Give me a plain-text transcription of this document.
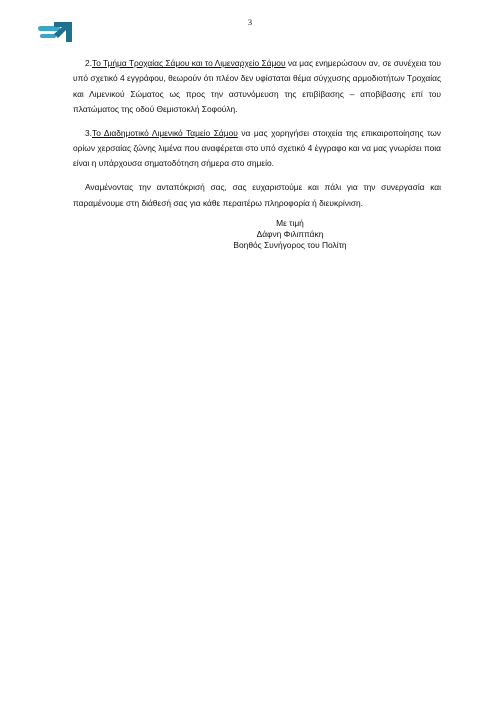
3

2.Το Τμήμα Τροχαίας Σάμου και το Λιμεναρχείο Σάμου να μας ενημερώσουν αν, σε συνέχεια του υπό σχετικό 4 εγγράφου, θεωρούν ότι πλέον δεν υφίσταται θέμα σύγχυσης αρμοδιοτήτων Τροχαίας και Λιμενικού Σώματος ως προς την αστυνόμευση της επιβίβασης – αποβίβασης επί του πλατώματος της οδού Θεμιστοκλή Σοφούλη.

3.Το Διαδημοτικό Λιμενικό Ταμείο Σάμου να μας χορηγήσει στοιχεία της επικαιροποίησης των ορίων χερσαίας ζώνης λιμένα που αναφέρεται στο υπό σχετικό 4 έγγραφο και να μας γνωρίσει ποια είναι η υπάρχουσα σηματοδότηση σήμερα στο σημείο.

Αναμένοντας την ανταπόκρισή σας, σας ευχαριστούμε και πάλι για την συνεργασία και παραμένουμε στη διάθεσή σας για κάθε περαιτέρω πληροφορία ή διευκρίνιση.

Με τιμή
Δάφνη Φιλιππάκη
Βοηθός Συνήγορος του Πολίτη
